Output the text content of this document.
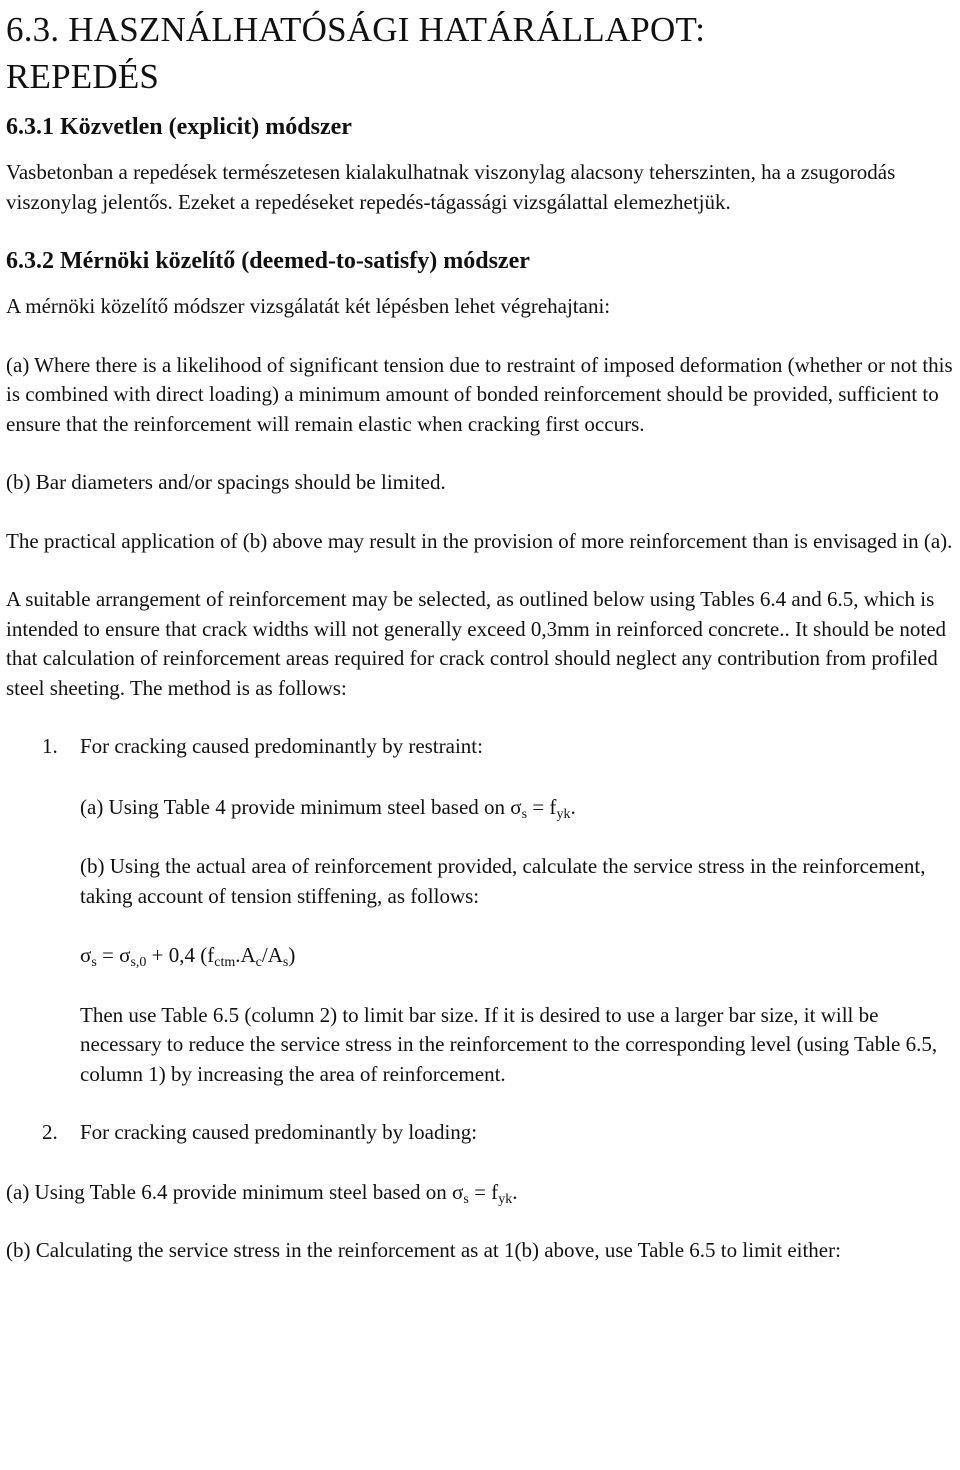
6.3. HASZNÁLHATÓSÁGI HATÁRÁLLAPOT:
REPEDÉS
6.3.1 Közvetlen (explicit) módszer

Vasbetonban a repedések természetesen kialakulhatnak viszonylag alacsony teherszinten, ha a zsugorodás viszonylag jelentős. Ezeket a repedéseket repedés-tágassági vizsgálattal elemezhetjük.

6.3.2 Mérnöki közelítő (deemed-to-satisfy) módszer

A mérnöki közelítő módszer vizsgálatát két lépésben lehet végrehajtani:

(a) Where there is a likelihood of significant tension due to restraint of imposed deformation (whether or not this is combined with direct loading) a minimum amount of bonded reinforcement should be provided, sufficient to ensure that the reinforcement will remain elastic when cracking first occurs.

(b) Bar diameters and/or spacings should be limited.

The practical application of (b) above may result in the provision of more reinforcement than is envisaged in (a).

A suitable arrangement of reinforcement may be selected, as outlined below using Tables 6.4 and 6.5, which is intended to ensure that crack widths will not generally exceed 0,3mm in reinforced concrete.. It should be noted that calculation of reinforcement areas required for crack control should neglect any contribution from profiled steel sheeting. The method is as follows:

1. For cracking caused predominantly by restraint:

(a) Using Table 4 provide minimum steel based on $\sigma_s = f_{yk}$.

(b) Using the actual area of reinforcement provided, calculate the service stress in the reinforcement, taking account of tension stiffening, as follows:

$\sigma_s = \sigma_{s,0} + 0,4$ $(f_{ctm}.A_c/A_s)$

Then use Table 6.5 (column 2) to limit bar size. If it is desired to use a larger bar size, it will be necessary to reduce the service stress in the reinforcement to the corresponding level (using Table 6.5, column 1) by increasing the area of reinforcement.

2. For cracking caused predominantly by loading:

(a) Using Table 6.4 provide minimum steel based on $\sigma_s = f_{yk}$.

(b) Calculating the service stress in the reinforcement as at 1(b) above, use Table 6.5 to limit either:
